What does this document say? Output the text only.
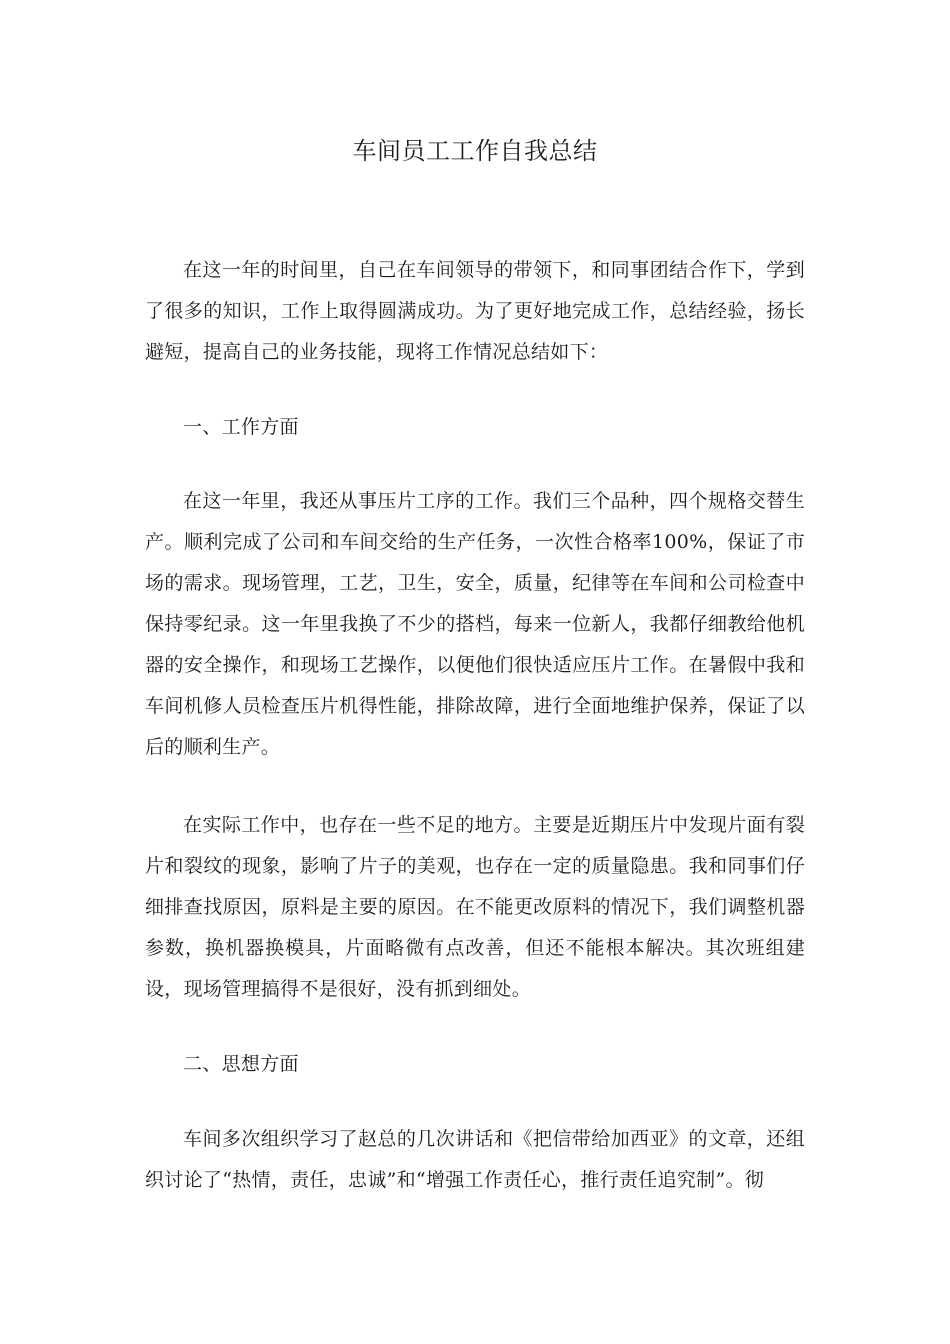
车间员工工作自我总结

在这一年的时间里，自己在车间领导的带领下，和同事团结合作下，学到了很多的知识，工作上取得圆满成功。为了更好地完成工作，总结经验，扬长避短，提高自己的业务技能，现将工作情况总结如下：

一、工作方面

在这一年里，我还从事压片工序的工作。我们三个品种，四个规格交替生产。顺利完成了公司和车间交给的生产任务，一次性合格率100%，保证了市场的需求。现场管理，工艺，卫生，安全，质量，纪律等在车间和公司检查中保持零纪录。这一年里我换了不少的搭档，每来一位新人，我都仔细教给他机器的安全操作，和现场工艺操作，以便他们很快适应压片工作。在暑假中我和车间机修人员检查压片机得性能，排除故障，进行全面地维护保养，保证了以后的顺利生产。

在实际工作中，也存在一些不足的地方。主要是近期压片中发现片面有裂片和裂纹的现象，影响了片子的美观，也存在一定的质量隐患。我和同事们仔细排查找原因，原料是主要的原因。在不能更改原料的情况下，我们调整机器参数，换机器换模具，片面略微有点改善，但还不能根本解决。其次班组建设，现场管理搞得不是很好，没有抓到细处。

二、思想方面

车间多次组织学习了赵总的几次讲话和《把信带给加西亚》的文章，还组织讨论了“热情，责任，忠诚”和“增强工作责任心，推行责任追究制”。彻
